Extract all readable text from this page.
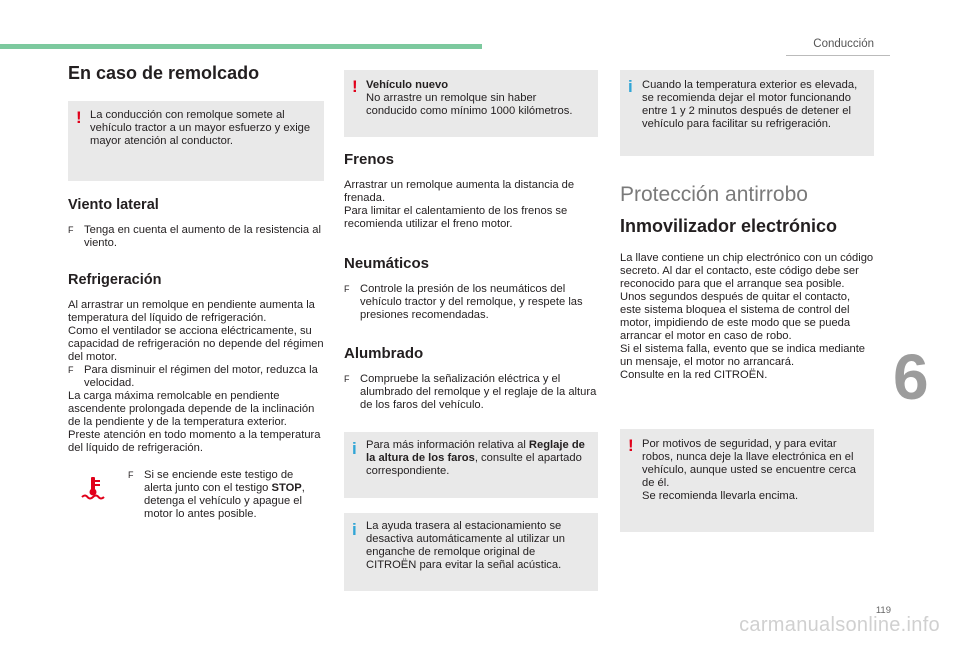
Conducción
6
119
carmanualsonline.info
En caso de remolcado
! La conducción con remolque somete al vehículo tractor a un mayor esfuerzo y exige mayor atención al conductor.

Viento lateral

F Tenga en cuenta el aumento de la resistencia al viento.

Refrigeración

Al arrastrar un remolque en pendiente aumenta la temperatura del líquido de refrigeración.

Como el ventilador se acciona eléctricamente, su capacidad de refrigeración no depende del régimen del motor.

F Para disminuir el régimen del motor, reduzca la velocidad.

La carga máxima remolcable en pendiente ascendente prolongada depende de la inclinación de la pendiente y de la temperatura exterior.

Preste atención en todo momento a la temperatura del líquido de refrigeración.

F Si se enciende este testigo de alerta junto con el testigo STOP, detenga el vehículo y apague el motor lo antes posible.

! Vehículo nuevo

No arrastre un remolque sin haber conducido como mínimo 1000 kilómetros.

Frenos

Arrastrar un remolque aumenta la distancia de frenada.

Para limitar el calentamiento de los frenos se recomienda utilizar el freno motor.

Neumáticos

F Controle la presión de los neumáticos del vehículo tractor y del remolque, y respete las presiones recomendadas.

Alumbrado

F Compruebe la señalización eléctrica y el alumbrado del remolque y el reglaje de la altura de los faros del vehículo.

i Para más información relativa al Reglaje de la altura de los faros, consulte el apartado correspondiente.

i La ayuda trasera al estacionamiento se desactiva automáticamente al utilizar un enganche de remolque original de CITROËN para evitar la señal acústica.

i Cuando la temperatura exterior es elevada, se recomienda dejar el motor funcionando entre 1 y 2 minutos después de detener el vehículo para facilitar su refrigeración.

Protección antirrobo
Inmovilizador electrónico

La llave contiene un chip electrónico con un código secreto. Al dar el contacto, este código debe ser reconocido para que el arranque sea posible.

Unos segundos después de quitar el contacto, este sistema bloquea el sistema de control del motor, impidiendo de este modo que se pueda arrancar el motor en caso de robo.

Si el sistema falla, evento que se indica mediante un mensaje, el motor no arrancará.

Consulte en la red CITROËN.

! Por motivos de seguridad, y para evitar robos, nunca deje la llave electrónica en el vehículo, aunque usted se encuentre cerca de él.

Se recomienda llevarla encima.
